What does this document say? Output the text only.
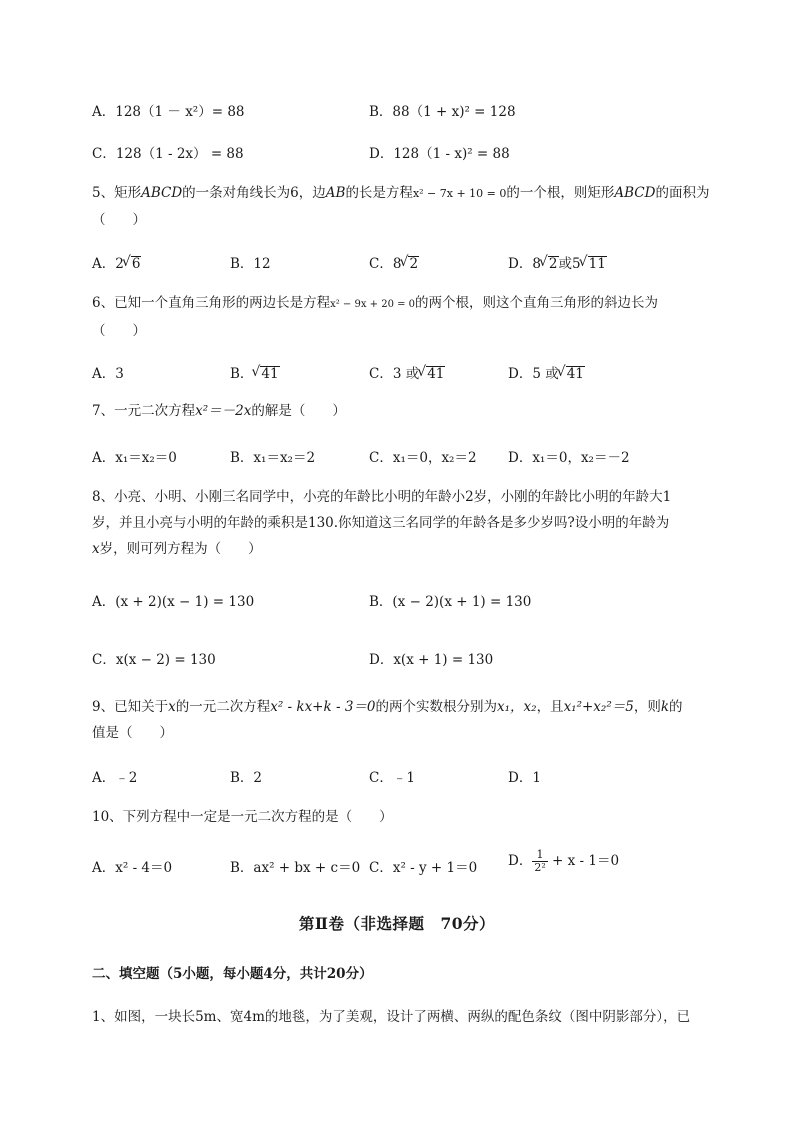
A．128（1 － x²）= 88	B．88（1 + x)² = 128
C．128（1 - 2x） = 88	D．128（1 - x)² = 88
5、矩形ABCD的一条对角线长为6，边AB的长是方程x² − 7x + 10 = 0的一个根，则矩形ABCD的面积为
（　　）
A．2 √ 6	B．12	C．8 √ 2	D．8 √ 2或5 √ 11
6、已知一个直角三角形的两边长是方程x² − 9x + 20 = 0的两个根，则这个直角三角形的斜边长为
（　　）
A．3	B． √ 41	C．3 或 √ 41	D．5 或 √ 41
7、一元二次方程x²＝－2x的解是（　　）
A．x₁＝x₂＝0	B．x₁＝x₂＝2	C．x₁＝0，x₂＝2 D．x₁＝0，x₂＝－2
8、小亮、小明、小刚三名同学中，小亮的年龄比小明的年龄小2岁，小刚的年龄比小明的年龄大1
岁，并且小亮与小明的年龄的乘积是130.你知道这三名同学的年龄各是多少岁吗?设小明的年龄为
x岁，则可列方程为（　　）
A．(x + 2)(x − 1) = 130	B．(x − 2)(x + 1) = 130
C．x(x − 2) = 130	D．x(x + 1) = 130
9、已知关于x的一元二次方程x² - kx+k - 3＝0的两个实数根分别为x₁，x₂，且x₁²+x₂²＝5，则k的
值是（　　）
A．﹣2	B．2	C．﹣1	D．1
10、下列方程中一定是一元二次方程的是（　　）
A．x² - 4＝0	B．ax² + bx + c＝0 C．x² - y + 1＝0 D． $\frac{1}{\text{2²}} + x - 1=0$
第Ⅱ卷（非选择题　70分）
二、填空题（5小题，每小题4分，共计20分）
1、如图，一块长5m、宽4m的地毯，为了美观，设计了两横、两纵的配色条纹（图中阴影部分），已
